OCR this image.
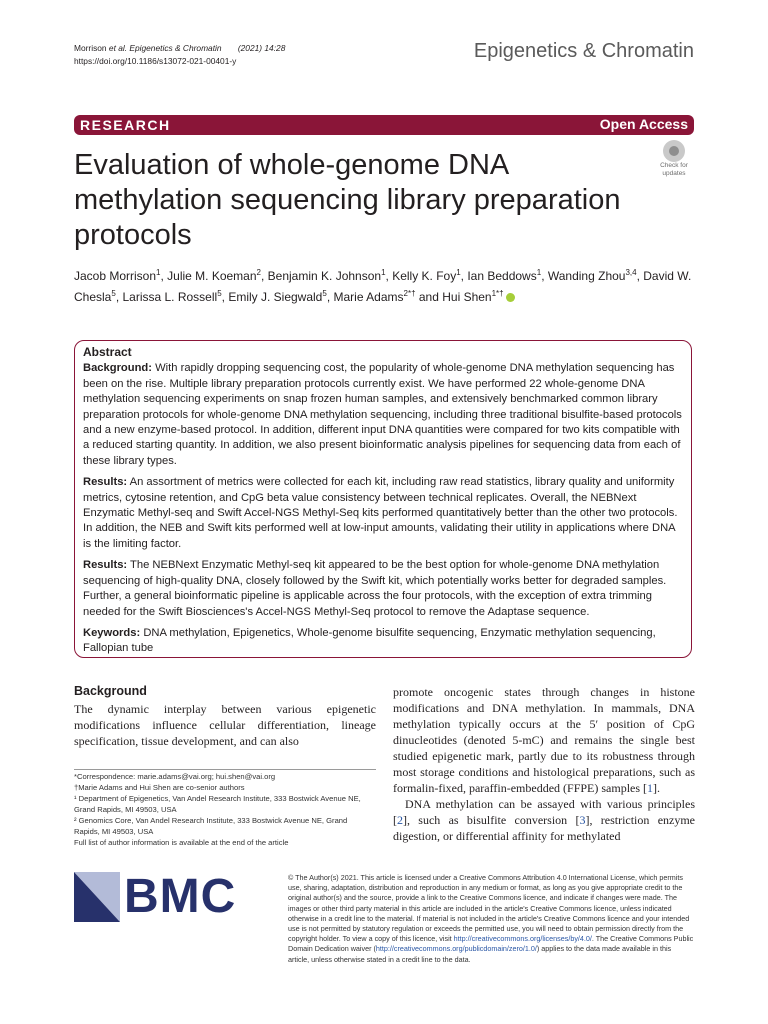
Morrison et al. Epigenetics & Chromatin (2021) 14:28
https://doi.org/10.1186/s13072-021-00401-y	Epigenetics & Chromatin
RESEARCH	Open Access
Evaluation of whole-genome DNA methylation sequencing library preparation protocols
Check for
updates
Jacob Morrison$^1$, Julie M. Koeman$^2$, Benjamin K. Johnson$^1$, Kelly K. Foy$^1$, Ian Beddows$^1$, Wanding Zhou$^{3,4}$, David W. Chesla$^5$, Larissa L. Rossell$^5$, Emily J. Siegwald$^5$, Marie Adams$^{2*\dagger}$ and Hui Shen$^{1*\dagger}$
Abstract

Background: With rapidly dropping sequencing cost, the popularity of whole-genome DNA methylation sequencing has been on the rise. Multiple library preparation protocols currently exist. We have performed 22 whole-genome DNA methylation sequencing experiments on snap frozen human samples, and extensively benchmarked common library preparation protocols for whole-genome DNA methylation sequencing, including three traditional bisulfite-based protocols and a new enzyme-based protocol. In addition, different input DNA quantities were compared for two kits compatible with a reduced starting quantity. In addition, we also present bioinformatic analysis pipelines for sequencing data from each of these library types.

Results: An assortment of metrics were collected for each kit, including raw read statistics, library quality and uniformity metrics, cytosine retention, and CpG beta value consistency between technical replicates. Overall, the NEBNext Enzymatic Methyl-seq and Swift Accel-NGS Methyl-Seq kits performed quantitatively better than the other two protocols. In addition, the NEB and Swift kits performed well at low-input amounts, validating their utility in applications where DNA is the limiting factor.

Results: The NEBNext Enzymatic Methyl-seq kit appeared to be the best option for whole-genome DNA methylation sequencing of high-quality DNA, closely followed by the Swift kit, which potentially works better for degraded samples. Further, a general bioinformatic pipeline is applicable across the four protocols, with the exception of extra trimming needed for the Swift Biosciences's Accel-NGS Methyl-Seq protocol to remove the Adaptase sequence.

Keywords: DNA methylation, Epigenetics, Whole-genome bisulfite sequencing, Enzymatic methylation sequencing, Fallopian tube

Background
The dynamic interplay between various epigenetic modifications influence cellular differentiation, lineage specification, tissue development, and can also
*Correspondence: marie.adams@vai.org; hui.shen@vai.org
†Marie Adams and Hui Shen are co-senior authors
¹ Department of Epigenetics, Van Andel Research Institute, 333 Bostwick Avenue NE, Grand Rapids, MI 49503, USA
² Genomics Core, Van Andel Research Institute, 333 Bostwick Avenue NE, Grand Rapids, MI 49503, USA
Full list of author information is available at the end of the article

promote oncogenic states through changes in histone modifications and DNA methylation. In mammals, DNA methylation typically occurs at the 5′ position of CpG dinucleotides (denoted 5-mC) and remains the single best studied epigenetic mark, partly due to its robustness through most storage conditions and histological preparations, such as formalin-fixed, paraffin-embedded (FFPE) samples [1].

DNA methylation can be assayed with various principles [2], such as bisulfite conversion [3], restriction enzyme digestion, or differential affinity for methylated

BMC	© The Author(s) 2021. This article is licensed under a Creative Commons Attribution 4.0 International License, which permits use, sharing, adaptation, distribution and reproduction in any medium or format, as long as you give appropriate credit to the original author(s) and the source, provide a link to the Creative Commons licence, and indicate if changes were made. The images or other third party material in this article are included in the article's Creative Commons licence, unless indicated otherwise in a credit line to the material. If material is not included in the article's Creative Commons licence and your intended use is not permitted by statutory regulation or exceeds the permitted use, you will need to obtain permission directly from the copyright holder. To view a copy of this licence, visit http://creativecommons.org/licenses/by/4.0/. The Creative Commons Public Domain Dedication waiver (http://creativecommons.org/publicdomain/zero/1.0/) applies to the data made available in this article, unless otherwise stated in a credit line to the data.
